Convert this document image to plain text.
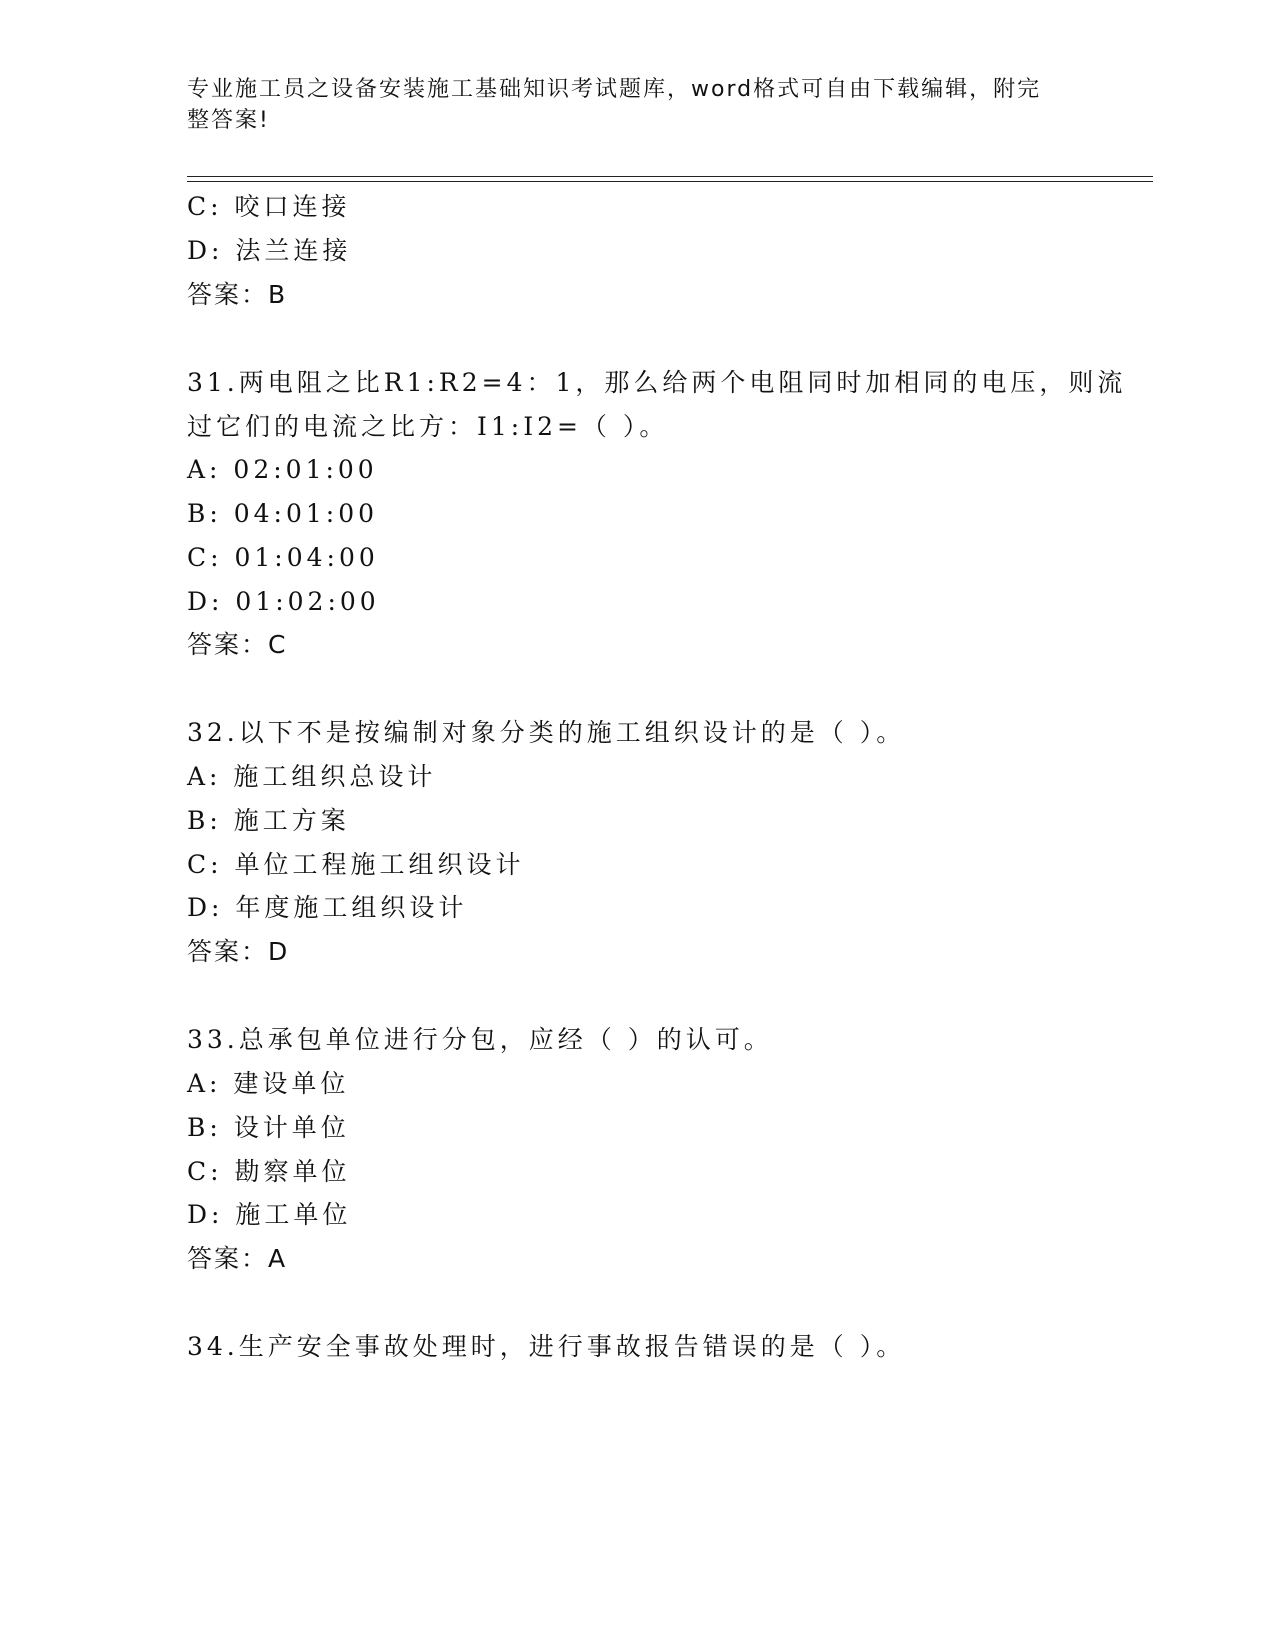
专业施工员之设备安装施工基础知识考试题库，word格式可自由下载编辑，附完
整答案!
C: 咬口连接
D: 法兰连接
答案：B
31.两电阻之比R1:R2=4：1，那么给两个电阻同时加相同的电压，则流
过它们的电流之比方：I1:I2=（ ）。
A: 02:01:00
B: 04:01:00
C: 01:04:00
D: 01:02:00
答案：C
32.以下不是按编制对象分类的施工组织设计的是（ ）。
A: 施工组织总设计
B: 施工方案
C: 单位工程施工组织设计
D: 年度施工组织设计
答案：D
33.总承包单位进行分包，应经（ ）的认可。
A: 建设单位
B: 设计单位
C: 勘察单位
D: 施工单位
答案：A
34.生产安全事故处理时，进行事故报告错误的是（ ）。
